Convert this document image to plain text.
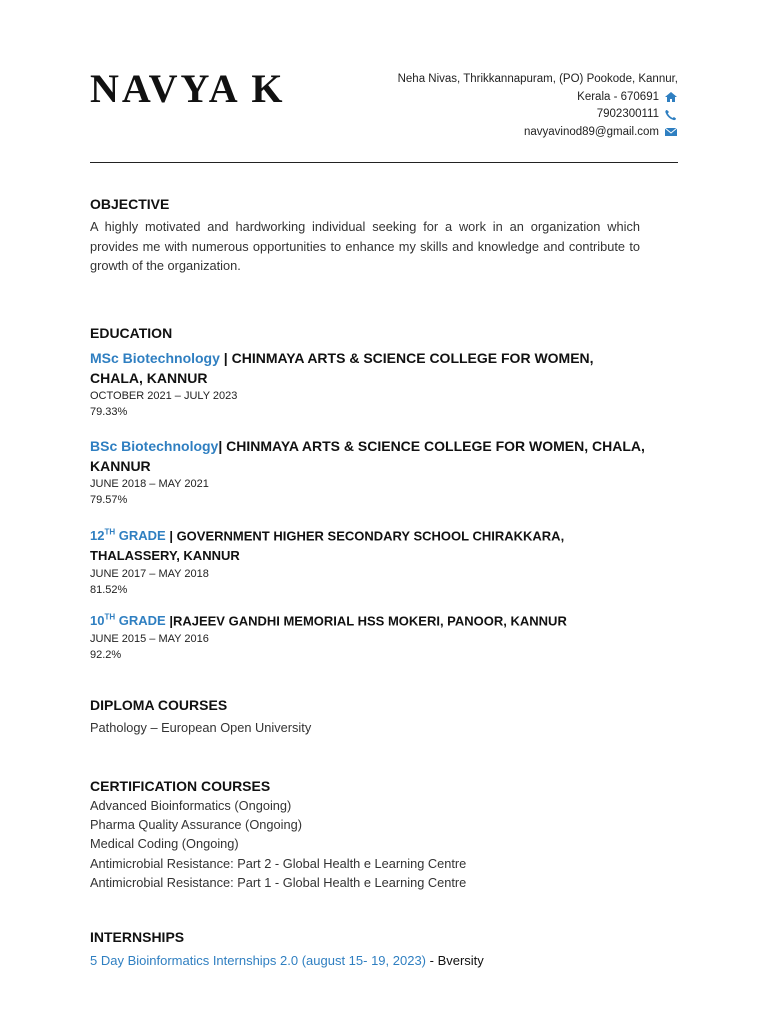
NAVYA K	Neha Nivas, Thrikkannapuram, (PO) Pookode, Kannur,
Kerala - 670691
7902300111
navyavinod89@gmail.com
OBJECTIVE
A highly motivated and hardworking individual seeking for a work in an organization which provides me with numerous opportunities to enhance my skills and knowledge and contribute to growth of the organization.
EDUCATION
MSc Biotechnology | CHINMAYA ARTS & SCIENCE COLLEGE FOR WOMEN, CHALA, KANNUR
OCTOBER 2021 – JULY 2023
79.33%
BSc Biotechnology| CHINMAYA ARTS & SCIENCE COLLEGE FOR WOMEN, CHALA, KANNUR
JUNE 2018 – MAY 2021
79.57%
12TH GRADE | GOVERNMENT HIGHER SECONDARY SCHOOL CHIRAKKARA, THALASSERY, KANNUR
JUNE 2017 – MAY 2018
81.52%
10TH GRADE |RAJEEV GANDHI MEMORIAL HSS MOKERI, PANOOR, KANNUR
JUNE 2015 – MAY 2016
92.2%
DIPLOMA COURSES
Pathology – European Open University
CERTIFICATION COURSES
Advanced Bioinformatics (Ongoing)
Pharma Quality Assurance (Ongoing)
Medical Coding (Ongoing)
Antimicrobial Resistance: Part 2 - Global Health e Learning Centre
Antimicrobial Resistance: Part 1 - Global Health e Learning Centre
INTERNSHIPS
5 Day Bioinformatics Internships 2.0 (august 15- 19, 2023) - Bversity
